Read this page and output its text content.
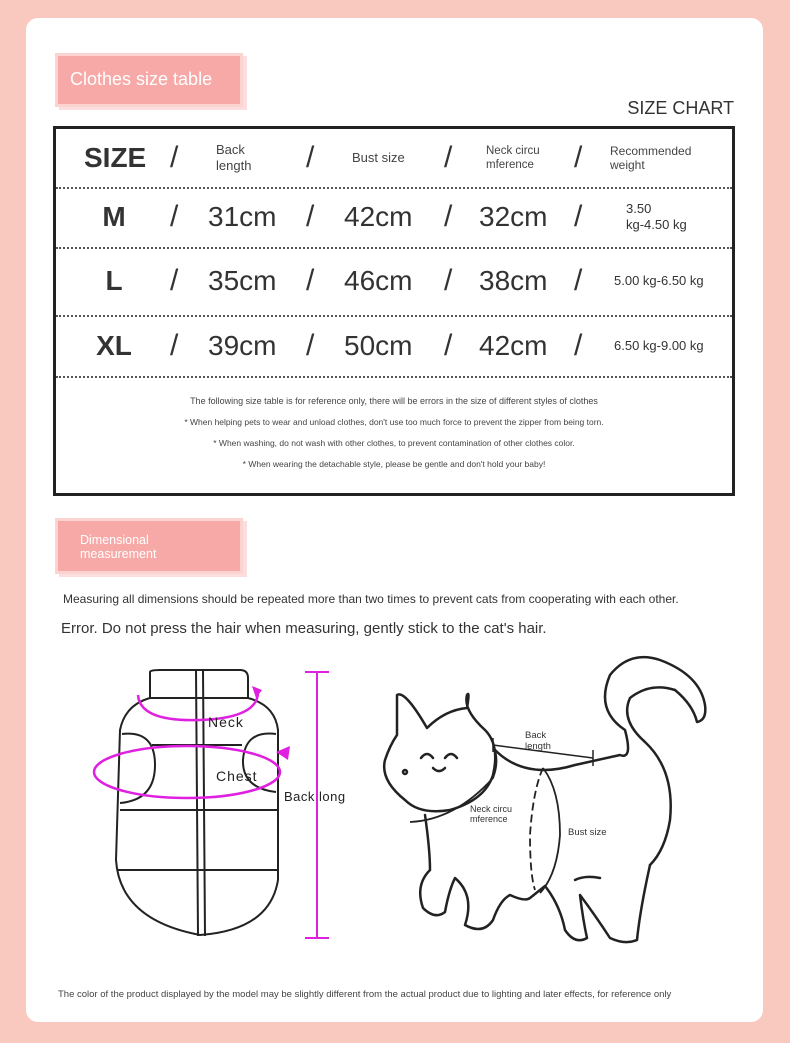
Clothes size table
SIZE CHART
SIZE /	Back
length /	Bust size /	Neck circu
mference / Recommended
weight
M	/ 31cm / 42cm / 32cm /	3.50
kg-4.50 kg
L	/ 35cm / 46cm / 38cm / 5.00 kg-6.50 kg
XL	/ 39cm / 50cm / 42cm / 6.50 kg-9.00 kg
The following size table is for reference only, there will be errors in the size of different styles of clothes
* When helping pets to wear and unload clothes, don't use too much force to prevent the zipper from being torn.
* When washing, do not wash with other clothes, to prevent contamination of other clothes color.
* When wearing the detachable style, please be gentle and don't hold your baby!
Dimensional
measurement
Measuring all dimensions should be repeated more than two times to prevent cats from cooperating with each other.
Error. Do not press the hair when measuring, gently stick to the cat's hair.
Neck
Chest
Back long
Back
length
Neck circu
mference
Bust size
The color of the product displayed by the model may be slightly different from the actual product due to lighting and later effects, for reference only
